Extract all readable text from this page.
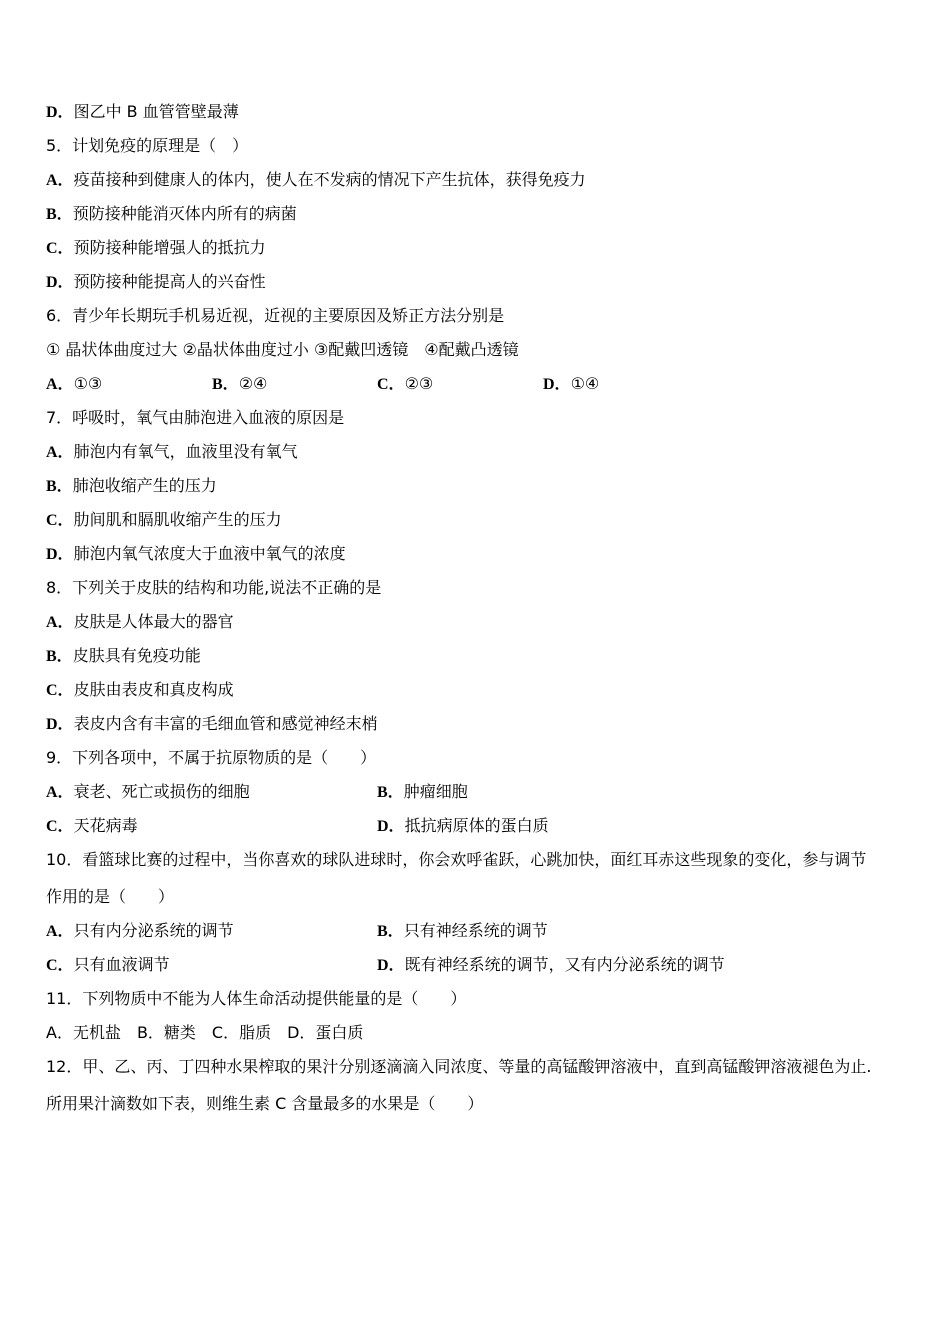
D．图乙中 B 血管管壁最薄
5．计划免疫的原理是（　）
A．疫苗接种到健康人的体内，使人在不发病的情况下产生抗体，获得免疫力
B．预防接种能消灭体内所有的病菌
C．预防接种能增强人的抵抗力
D．预防接种能提高人的兴奋性
6．青少年长期玩手机易近视，近视的主要原因及矫正方法分别是
① 晶状体曲度过大 ②晶状体曲度过小 ③配戴凹透镜　④配戴凸透镜
A．①③	B．②④	C．②③	D．①④
7．呼吸时，氧气由肺泡进入血液的原因是
A．肺泡内有氧气，血液里没有氧气
B．肺泡收缩产生的压力
C．肋间肌和膈肌收缩产生的压力
D．肺泡内氧气浓度大于血液中氧气的浓度
8．下列关于皮肤的结构和功能,说法不正确的是
A．皮肤是人体最大的器官
B．皮肤具有免疫功能
C．皮肤由表皮和真皮构成
D．表皮内含有丰富的毛细血管和感觉神经末梢
9．下列各项中，不属于抗原物质的是（　　）
A．衰老、死亡或损伤的细胞	B．肿瘤细胞
C．天花病毒	D．抵抗病原体的蛋白质
10．看篮球比赛的过程中，当你喜欢的球队进球时，你会欢呼雀跃，心跳加快，面红耳赤这些现象的变化，参与调节
作用的是（　　）
A．只有内分泌系统的调节	B．只有神经系统的调节
C．只有血液调节	D．既有神经系统的调节，又有内分泌系统的调节
11．下列物质中不能为人体生命活动提供能量的是（　　）
A．无机盐　B．糖类　C．脂质　D．蛋白质
12．甲、乙、丙、丁四种水果榨取的果汁分别逐滴滴入同浓度、等量的高锰酸钾溶液中，直到高锰酸钾溶液褪色为止.
所用果汁滴数如下表，则维生素 C 含量最多的水果是（　　）
